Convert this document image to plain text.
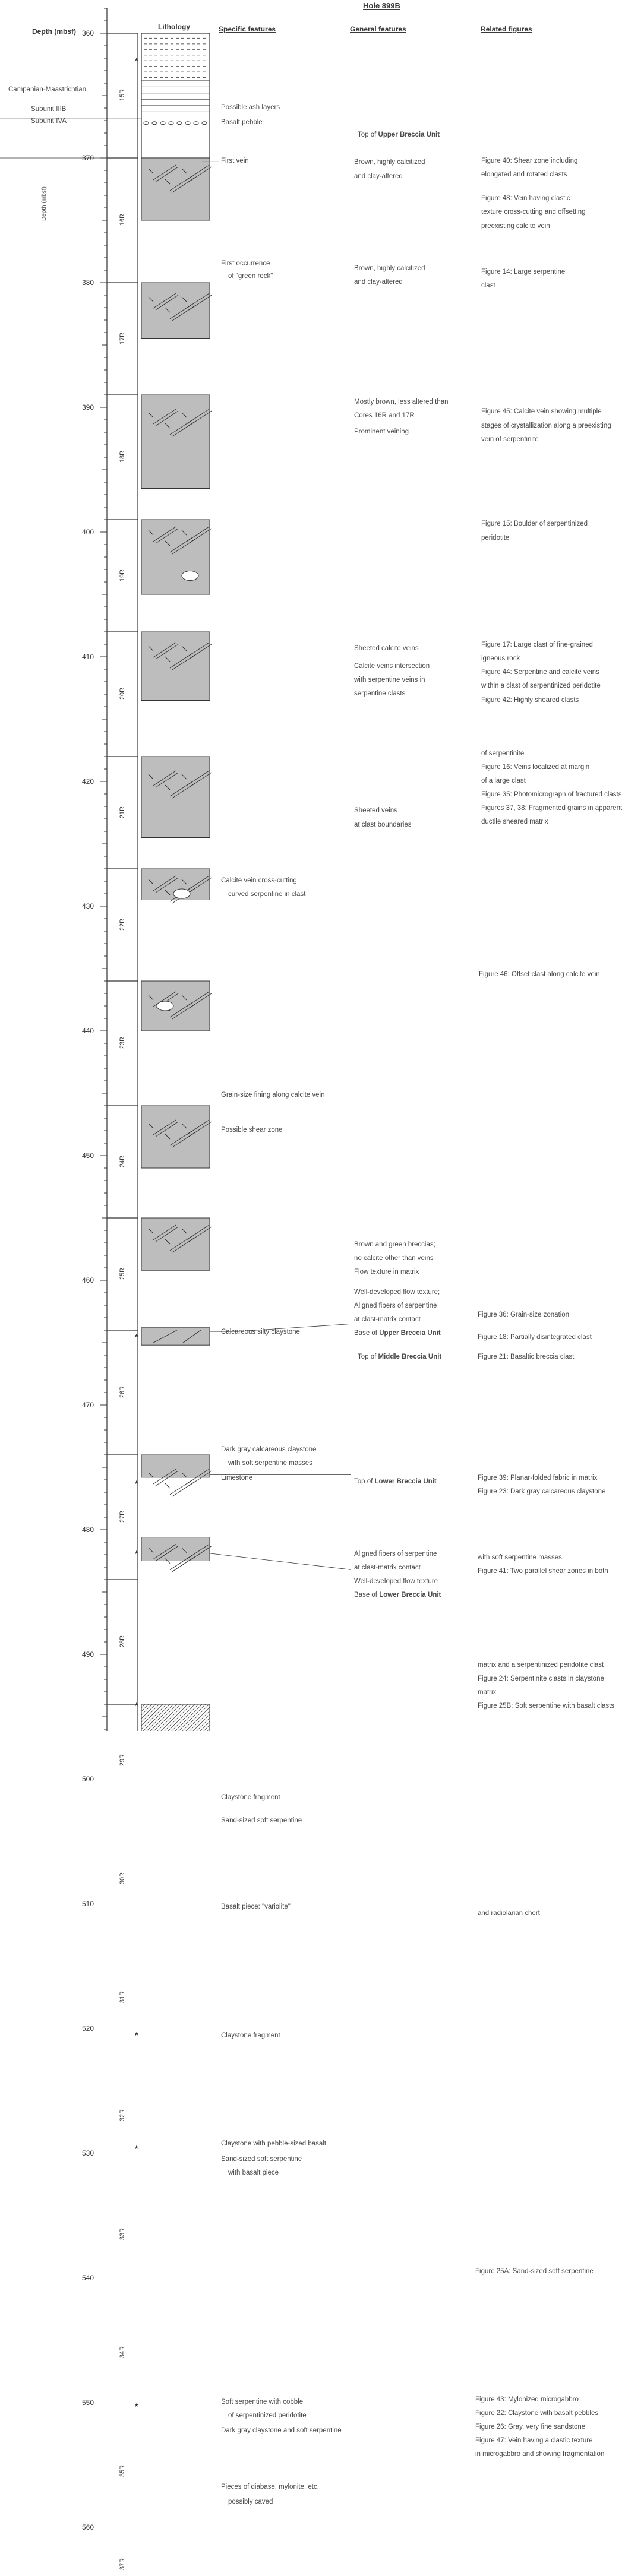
Hole 899B
Depth (mbsf)
Lithology	Specific features	General features	Related figures
Depth (mbsf)
Campanian-Maastrichtian
Subunit IIIB
Subunit IVA
360
370
380
390
400
410
420
430
440
450
460
470
480
490
500
510
520
530
540
550
560
15R
16R
17R
18R
19R
20R
21R
22R
23R
24R
25R
26R
27R
28R
29R
30R
31R
32R
33R
34R
35R
37R
*
*
*
*
*
*
*
*
Possible ash layers
Basalt pebble
First vein
First occurrence
of "green rock"
Calcite vein cross-cutting
curved serpentine in clast
Grain-size fining along calcite vein
Possible shear zone
Calcareous silty claystone
Dark gray calcareous claystone
with soft serpentine masses
Limestone
Claystone fragment
Sand-sized soft serpentine
Basalt piece: "variolite"
Claystone fragment
Claystone with pebble-sized basalt
Sand-sized soft serpentine
with basalt piece
Soft serpentine with cobble
of serpentinized peridotite
Dark gray claystone and soft serpentine
Pieces of diabase, mylonite, etc.,
possibly caved
Top of Upper Breccia Unit
Brown, highly calcitized
and clay-altered
Brown, highly calcitized
and clay-altered
Mostly brown, less altered than
Cores 16R and 17R
Prominent veining
Sheeted calcite veins
Calcite veins intersection
with serpentine veins in
serpentine clasts
Sheeted veins
at clast boundaries
Brown and green breccias;
no calcite other than veins
Flow texture in matrix
Well-developed flow texture;
Aligned fibers of serpentine
at clast-matrix contact
Base of Upper Breccia Unit
Top of Middle Breccia Unit
Top of Lower Breccia Unit
Aligned fibers of serpentine
at clast-matrix contact
Well-developed flow texture
Base of Lower Breccia Unit
Figure 40: Shear zone including
elongated and rotated clasts
Figure 48: Vein having clastic
texture cross-cutting and offsetting
preexisting calcite vein
Figure 14: Large serpentine
clast
Figure 45: Calcite vein showing multiple
stages of crystallization along a preexisting
vein of serpentinite
Figure 15: Boulder of serpentinized
peridotite
Figure 17: Large clast of fine-grained
igneous rock
Figure 44: Serpentine and calcite veins
within a clast of serpentinized peridotite
Figure 42: Highly sheared clasts
of serpentinite
Figure 16: Veins localized at margin
of a large clast
Figure 35: Photomicrograph of fractured clasts
Figures 37, 38: Fragmented grains in apparent
ductile sheared matrix
Figure 46: Offset clast along calcite vein
Figure 36: Grain-size zonation
Figure 18: Partially disintegrated clast
Figure 21: Basaltic breccia clast
Figure 39: Planar-folded fabric in matrix
Figure 23: Dark gray calcareous claystone
with soft serpentine masses
Figure 41: Two parallel shear zones in both
matrix and a serpentinized peridotite clast
Figure 24: Serpentinite clasts in claystone
matrix
Figure 25B: Soft serpentine with basalt clasts
and radiolarian chert
Figure 25A: Sand-sized soft serpentine
Figure 43: Mylonized microgabbro
Figure 22: Claystone with basalt pebbles
Figure 26: Gray, very fine sandstone
Figure 47: Vein having a clastic texture
in microgabbro and showing fragmentation
